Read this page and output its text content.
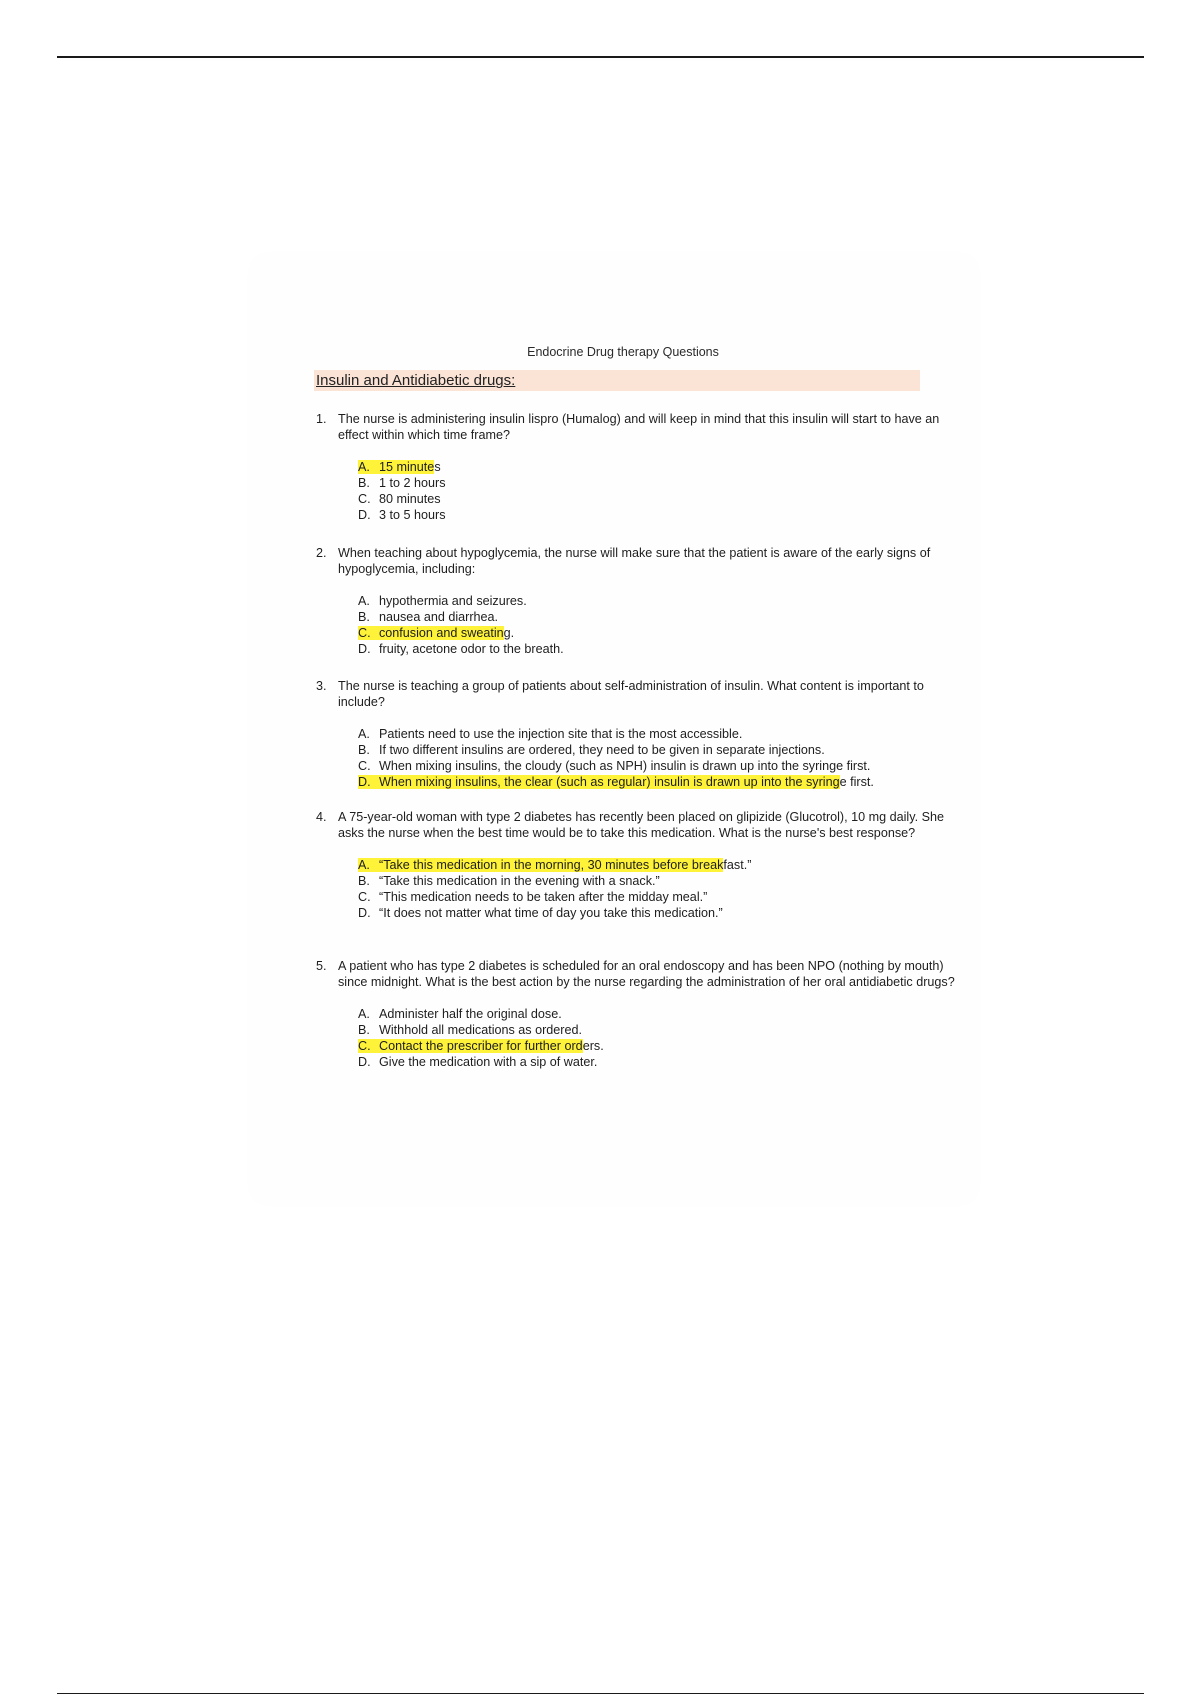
Endocrine Drug therapy Questions
Insulin and Antidiabetic drugs:
1. The nurse is administering insulin lispro (Humalog) and will keep in mind that this insulin will start to have an effect within which time frame?
A. 15 minutes
B. 1 to 2 hours
C. 80 minutes
D. 3 to 5 hours
2. When teaching about hypoglycemia, the nurse will make sure that the patient is aware of the early signs of hypoglycemia, including:
A. hypothermia and seizures.
B. nausea and diarrhea.
C. confusion and sweating.
D. fruity, acetone odor to the breath.
3. The nurse is teaching a group of patients about self-administration of insulin. What content is important to include?
A. Patients need to use the injection site that is the most accessible.
B. If two different insulins are ordered, they need to be given in separate injections.
C. When mixing insulins, the cloudy (such as NPH) insulin is drawn up into the syringe first.
D. When mixing insulins, the clear (such as regular) insulin is drawn up into the syringe first.
4. A 75-year-old woman with type 2 diabetes has recently been placed on glipizide (Glucotrol), 10 mg daily. She asks the nurse when the best time would be to take this medication. What is the nurse's best response?
A. “Take this medication in the morning, 30 minutes before breakfast.”
B. “Take this medication in the evening with a snack.”
C. “This medication needs to be taken after the midday meal.”
D. “It does not matter what time of day you take this medication.”
5. A patient who has type 2 diabetes is scheduled for an oral endoscopy and has been NPO (nothing by mouth) since midnight. What is the best action by the nurse regarding the administration of her oral antidiabetic drugs?
A. Administer half the original dose.
B. Withhold all medications as ordered.
C. Contact the prescriber for further orders.
D. Give the medication with a sip of water.
